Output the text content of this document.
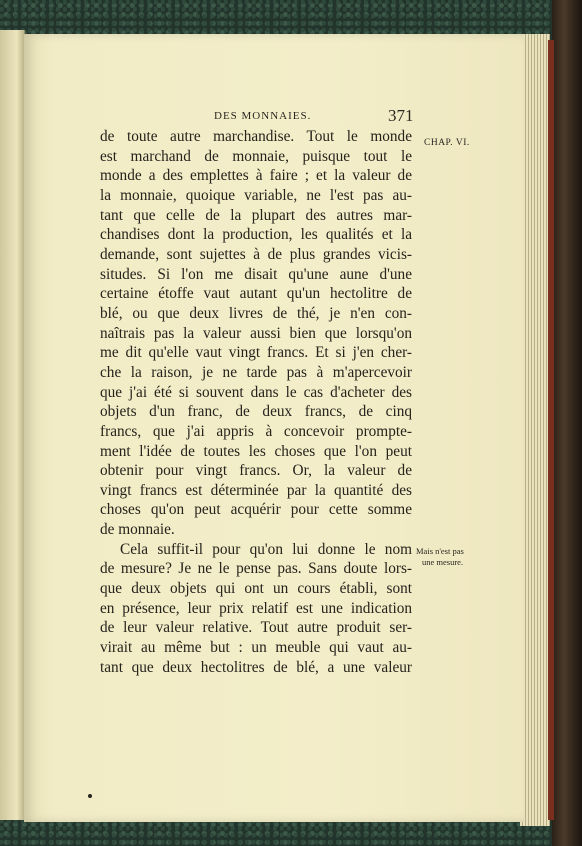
DES MONNAIES.	371
de toute autre marchandise. Tout le monde
est marchand de monnaie, puisque tout le
monde a des emplettes à faire ; et la valeur de
la monnaie, quoique variable, ne l'est pas au-
tant que celle de la plupart des autres mar-
chandises dont la production, les qualités et la
demande, sont sujettes à de plus grandes vicis-
situdes. Si l'on me disait qu'une aune d'une
certaine étoffe vaut autant qu'un hectolitre de
blé, ou que deux livres de thé, je n'en con-
naîtrais pas la valeur aussi bien que lorsqu'on
me dit qu'elle vaut vingt francs. Et si j'en cher-
che la raison, je ne tarde pas à m'apercevoir
que j'ai été si souvent dans le cas d'acheter des
objets d'un franc, de deux francs, de cinq
francs, que j'ai appris à concevoir prompte-
ment l'idée de toutes les choses que l'on peut
obtenir pour vingt francs. Or, la valeur de
vingt francs est déterminée par la quantité des
choses qu'on peut acquérir pour cette somme
de monnaie.
Cela suffit-il pour qu'on lui donne le nom
de mesure? Je ne le pense pas. Sans doute lors-
que deux objets qui ont un cours établi, sont
en présence, leur prix relatif est une indication
de leur valeur relative. Tout autre produit ser-
virait au même but : un meuble qui vaut au-
tant que deux hectolitres de blé, a une valeur
CHAP. VI.
Mais n'est pas
une mesure.
